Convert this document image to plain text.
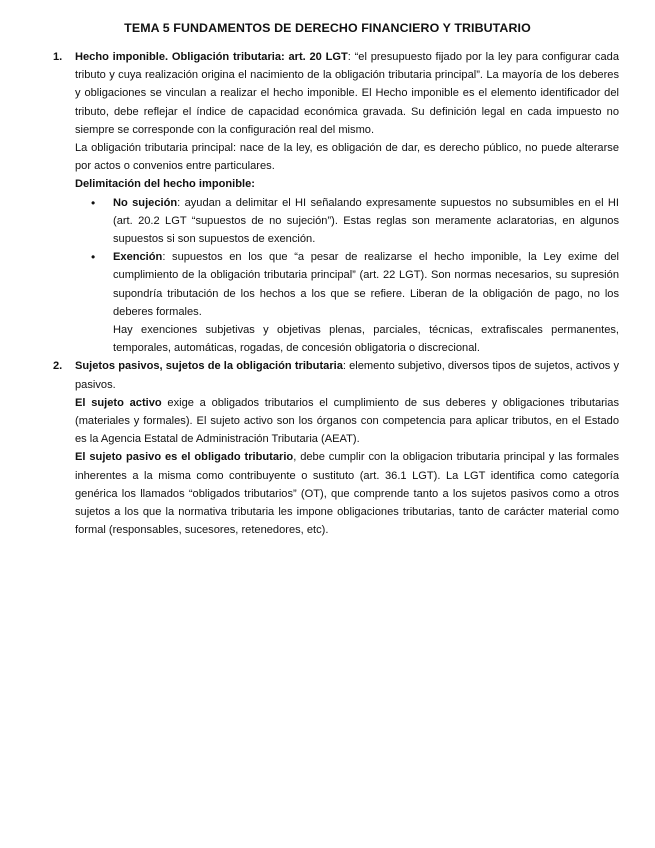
TEMA 5 FUNDAMENTOS DE DERECHO FINANCIERO Y TRIBUTARIO
1. Hecho imponible. Obligación tributaria: art. 20 LGT: “el presupuesto fijado por la ley para configurar cada tributo y cuya realización origina el nacimiento de la obligación tributaria principal”. La mayoría de los deberes y obligaciones se vinculan a realizar el hecho imponible. El Hecho imponible es el elemento identificador del tributo, debe reflejar el índice de capacidad económica gravada. Su definición legal en cada impuesto no siempre se corresponde con la configuración real del mismo.

La obligación tributaria principal: nace de la ley, es obligación de dar, es derecho público, no puede alterarse por actos o convenios entre particulares.

Delimitación del hecho imponible:

• No sujeción: ayudan a delimitar el HI señalando expresamente supuestos no subsumibles en el HI (art. 20.2 LGT “supuestos de no sujeción”). Estas reglas son meramente aclaratorias, en algunos supuestos si son supuestos de exención.

• Exención: supuestos en los que “a pesar de realizarse el hecho imponible, la Ley exime del cumplimiento de la obligación tributaria principal” (art. 22 LGT). Son normas necesarios, su supresión supondría tributación de los hechos a los que se refiere. Liberan de la obligación de pago, no los deberes formales.

Hay exenciones subjetivas y objetivas plenas, parciales, técnicas, extrafiscales permanentes, temporales, automáticas, rogadas, de concesión obligatoria o discrecional.

2. Sujetos pasivos, sujetos de la obligación tributaria: elemento subjetivo, diversos tipos de sujetos, activos y pasivos.

El sujeto activo exige a obligados tributarios el cumplimiento de sus deberes y obligaciones tributarias (materiales y formales). El sujeto activo son los órganos con competencia para aplicar tributos, en el Estado es la Agencia Estatal de Administración Tributaria (AEAT).

El sujeto pasivo es el obligado tributario, debe cumplir con la obligacion tributaria principal y las formales inherentes a la misma como contribuyente o sustituto (art. 36.1 LGT). La LGT identifica como categoría genérica los llamados “obligados tributarios” (OT), que comprende tanto a los sujetos pasivos como a otros sujetos a los que la normativa tributaria les impone obligaciones tributarias, tanto de carácter material como formal (responsables, sucesores, retenedores, etc).
